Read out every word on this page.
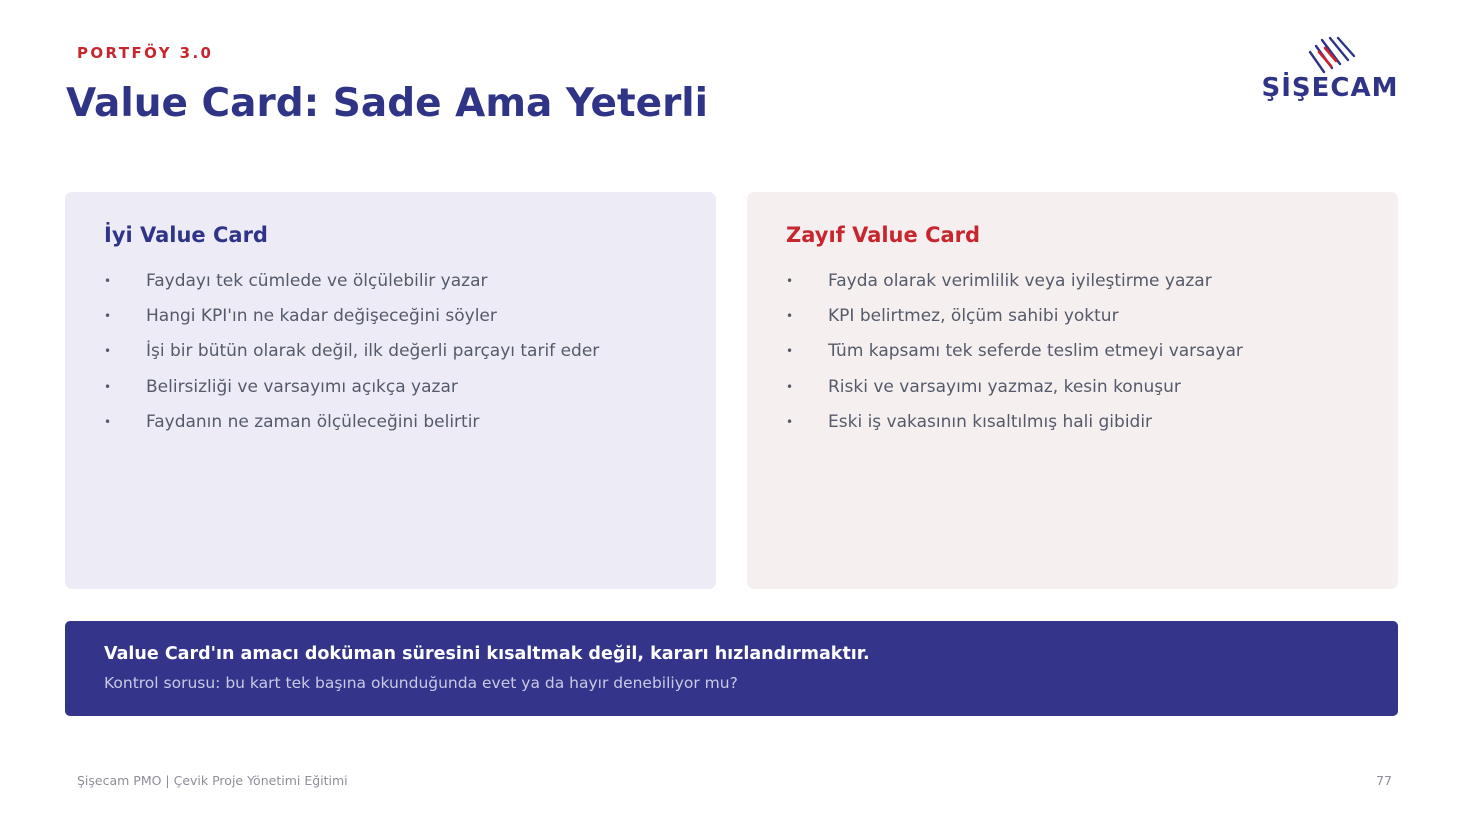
PORTFÖY 3.0
Value Card: Sade Ama Yeterli	ŞİŞECAM
İyi Value Card
• Faydayı tek cümlede ve ölçülebilir yazar
• Hangi KPI'ın ne kadar değişeceğini söyler
• İşi bir bütün olarak değil, ilk değerli parçayı tarif eder
• Belirsizliği ve varsayımı açıkça yazar
• Faydanın ne zaman ölçüleceğini belirtir
Zayıf Value Card
• Fayda olarak verimlilik veya iyileştirme yazar
• KPI belirtmez, ölçüm sahibi yoktur
• Tüm kapsamı tek seferde teslim etmeyi varsayar
• Riski ve varsayımı yazmaz, kesin konuşur
• Eski iş vakasının kısaltılmış hali gibidir
Value Card'ın amacı doküman süresini kısaltmak değil, kararı hızlandırmaktır.
Kontrol sorusu: bu kart tek başına okunduğunda evet ya da hayır denebiliyor mu?
Şişecam PMO | Çevik Proje Yönetimi Eğitimi	77
